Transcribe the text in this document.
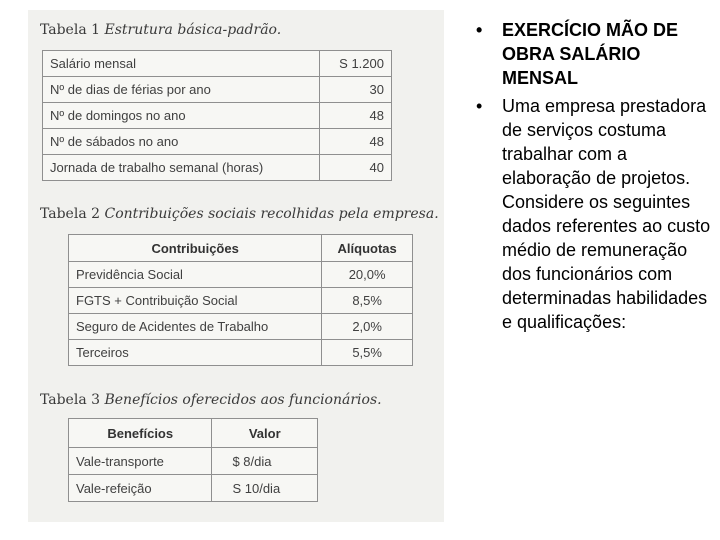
Tabela 1 Estrutura básica-padrão.
Salário mensal	S 1.200
Nº de dias de férias por ano	30
Nº de domingos no ano	48
Nº de sábados no ano	48
Jornada de trabalho semanal (horas)	40
Tabela 2 Contribuições sociais recolhidas pela empresa.
Contribuições	Alíquotas
Previdência Social	20,0%
FGTS + Contribuição Social	8,5%
Seguro de Acidentes de Trabalho	2,0%
Terceiros	5,5%
Tabela 3 Benefícios oferecidos aos funcionários.
Benefícios	Valor
Vale-transporte	$ 8/dia
Vale-refeição	S 10/dia
• EXERCÍCIO MÃO DE OBRA SALÁRIO MENSAL
• Uma empresa prestadora de serviços costuma trabalhar com a elaboração de projetos. Considere os seguintes dados referentes ao custo médio de remuneração dos funcionários com determinadas habilidades e qualificações:
